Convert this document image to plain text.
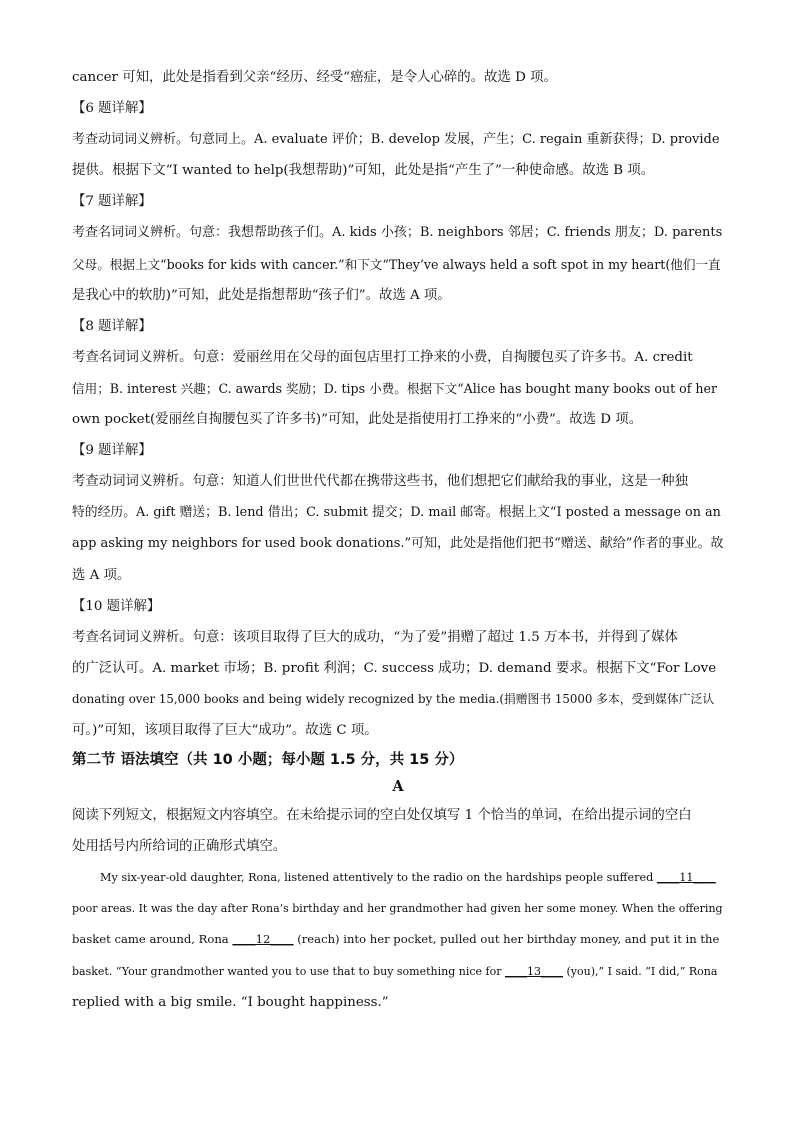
cancer 可知，此处是指看到父亲“经历、经受”癌症，是令人心碎的。故选 D 项。
【6 题详解】
考查动词词义辨析。句意同上。A. evaluate 评价；B. develop 发展，产生；C. regain 重新获得；D. provide
提供。根据下文“I wanted to help(我想帮助)”可知，此处是指“产生了”一种使命感。故选 B 项。
【7 题详解】
考查名词词义辨析。句意：我想帮助孩子们。A. kids 小孩；B. neighbors 邻居；C. friends 朋友；D. parents
父母。根据上文“books for kids with cancer.”和下文“They’ve always held a soft spot in my heart(他们一直
是我心中的软肋)”可知，此处是指想帮助“孩子们”。故选 A 项。
【8 题详解】
考查名词词义辨析。句意：爱丽丝用在父母的面包店里打工挣来的小费，自掏腰包买了许多书。A. credit
信用；B. interest 兴趣；C. awards 奖励；D. tips 小费。根据下文“Alice has bought many books out of her
own pocket(爱丽丝自掏腰包买了许多书)”可知，此处是指使用打工挣来的“小费”。故选 D 项。
【9 题详解】
考查动词词义辨析。句意：知道人们世世代代都在携带这些书，他们想把它们献给我的事业，这是一种独
特的经历。A. gift 赠送；B. lend 借出；C. submit 提交；D. mail 邮寄。根据上文“I posted a message on an
app asking my neighbors for used book donations.”可知，此处是指他们把书“赠送、献给”作者的事业。故
选 A 项。
【10 题详解】
考查名词词义辨析。句意：该项目取得了巨大的成功，“为了爱”捐赠了超过 1.5 万本书，并得到了媒体
的广泛认可。A. market 市场；B. profit 利润；C. success 成功；D. demand 要求。根据下文“For Love
donating over 15,000 books and being widely recognized by the media.(捐赠图书 15000 多本，受到媒体广泛认
可。)”可知，该项目取得了巨大“成功”。故选 C 项。
第二节 语法填空（共 10 小题；每小题 1.5 分，共 15 分）
A
阅读下列短文，根据短文内容填空。在未给提示词的空白处仅填写 1 个恰当的单词，在给出提示词的空白
处用括号内所给词的正确形式填空。
My six-year-old daughter, Rona, listened attentively to the radio on the hardships people suffered ____11____
poor areas. It was the day after Rona’s birthday and her grandmother had given her some money. When the offering
basket came around, Rona ____12____ (reach) into her pocket, pulled out her birthday money, and put it in the
basket. “Your grandmother wanted you to use that to buy something nice for ____13____ (you),” I said. “I did,” Rona
replied with a big smile. “I bought happiness.”
